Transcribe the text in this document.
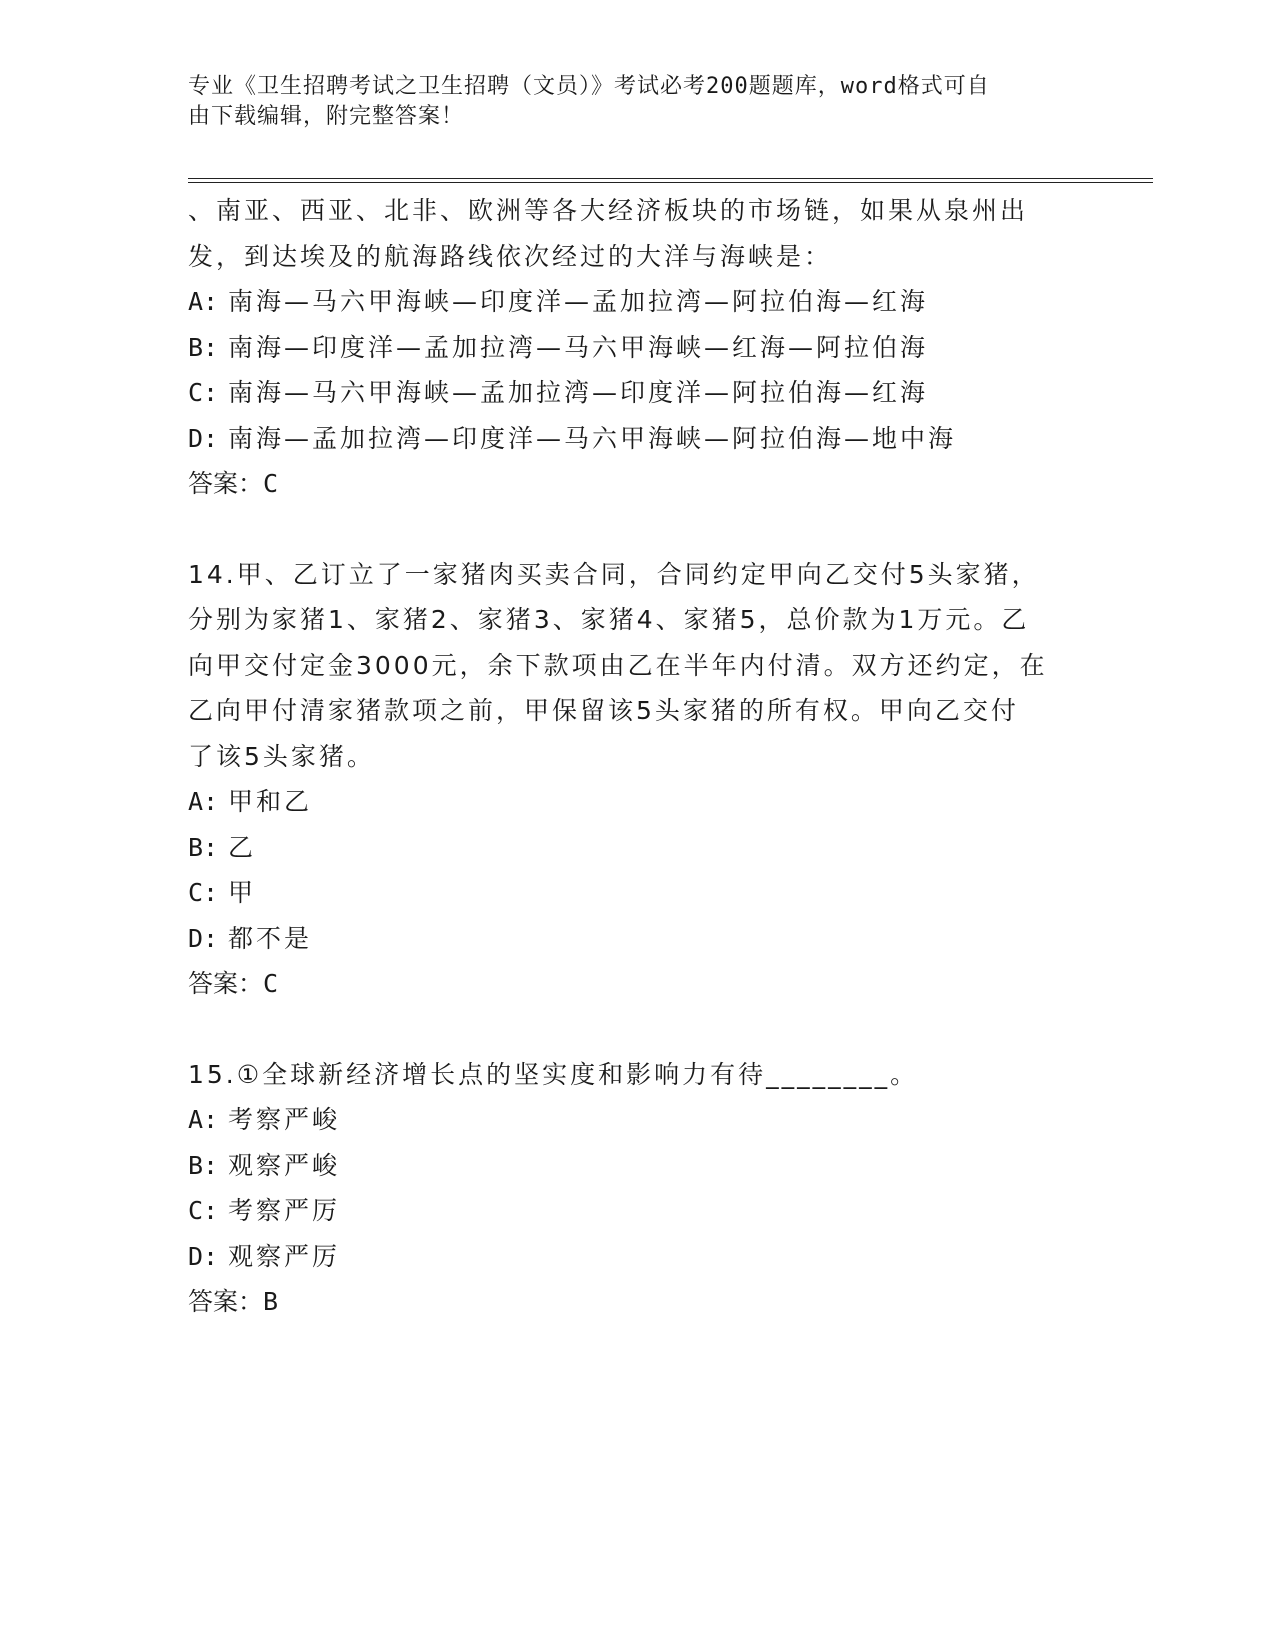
专业《卫生招聘考试之卫生招聘（文员）》考试必考200题题库，word格式可自
由下载编辑，附完整答案！
、南亚、西亚、北非、欧洲等各大经济板块的市场链，如果从泉州出
发，到达埃及的航海路线依次经过的大洋与海峡是：
A: 南海—马六甲海峡—印度洋—孟加拉湾—阿拉伯海—红海
B: 南海—印度洋—孟加拉湾—马六甲海峡—红海—阿拉伯海
C: 南海—马六甲海峡—孟加拉湾—印度洋—阿拉伯海—红海
D: 南海—孟加拉湾—印度洋—马六甲海峡—阿拉伯海—地中海
答案：C
14.甲、乙订立了一家猪肉买卖合同，合同约定甲向乙交付5头家猪，
分别为家猪1、家猪2、家猪3、家猪4、家猪5，总价款为1万元。乙
向甲交付定金3000元，余下款项由乙在半年内付清。双方还约定，在
乙向甲付清家猪款项之前，甲保留该5头家猪的所有权。甲向乙交付
了该5头家猪。
A: 甲和乙
B: 乙
C: 甲
D: 都不是
答案：C
15.①全球新经济增长点的坚实度和影响力有待________。
A: 考察严峻
B: 观察严峻
C: 考察严厉
D: 观察严厉
答案：B
